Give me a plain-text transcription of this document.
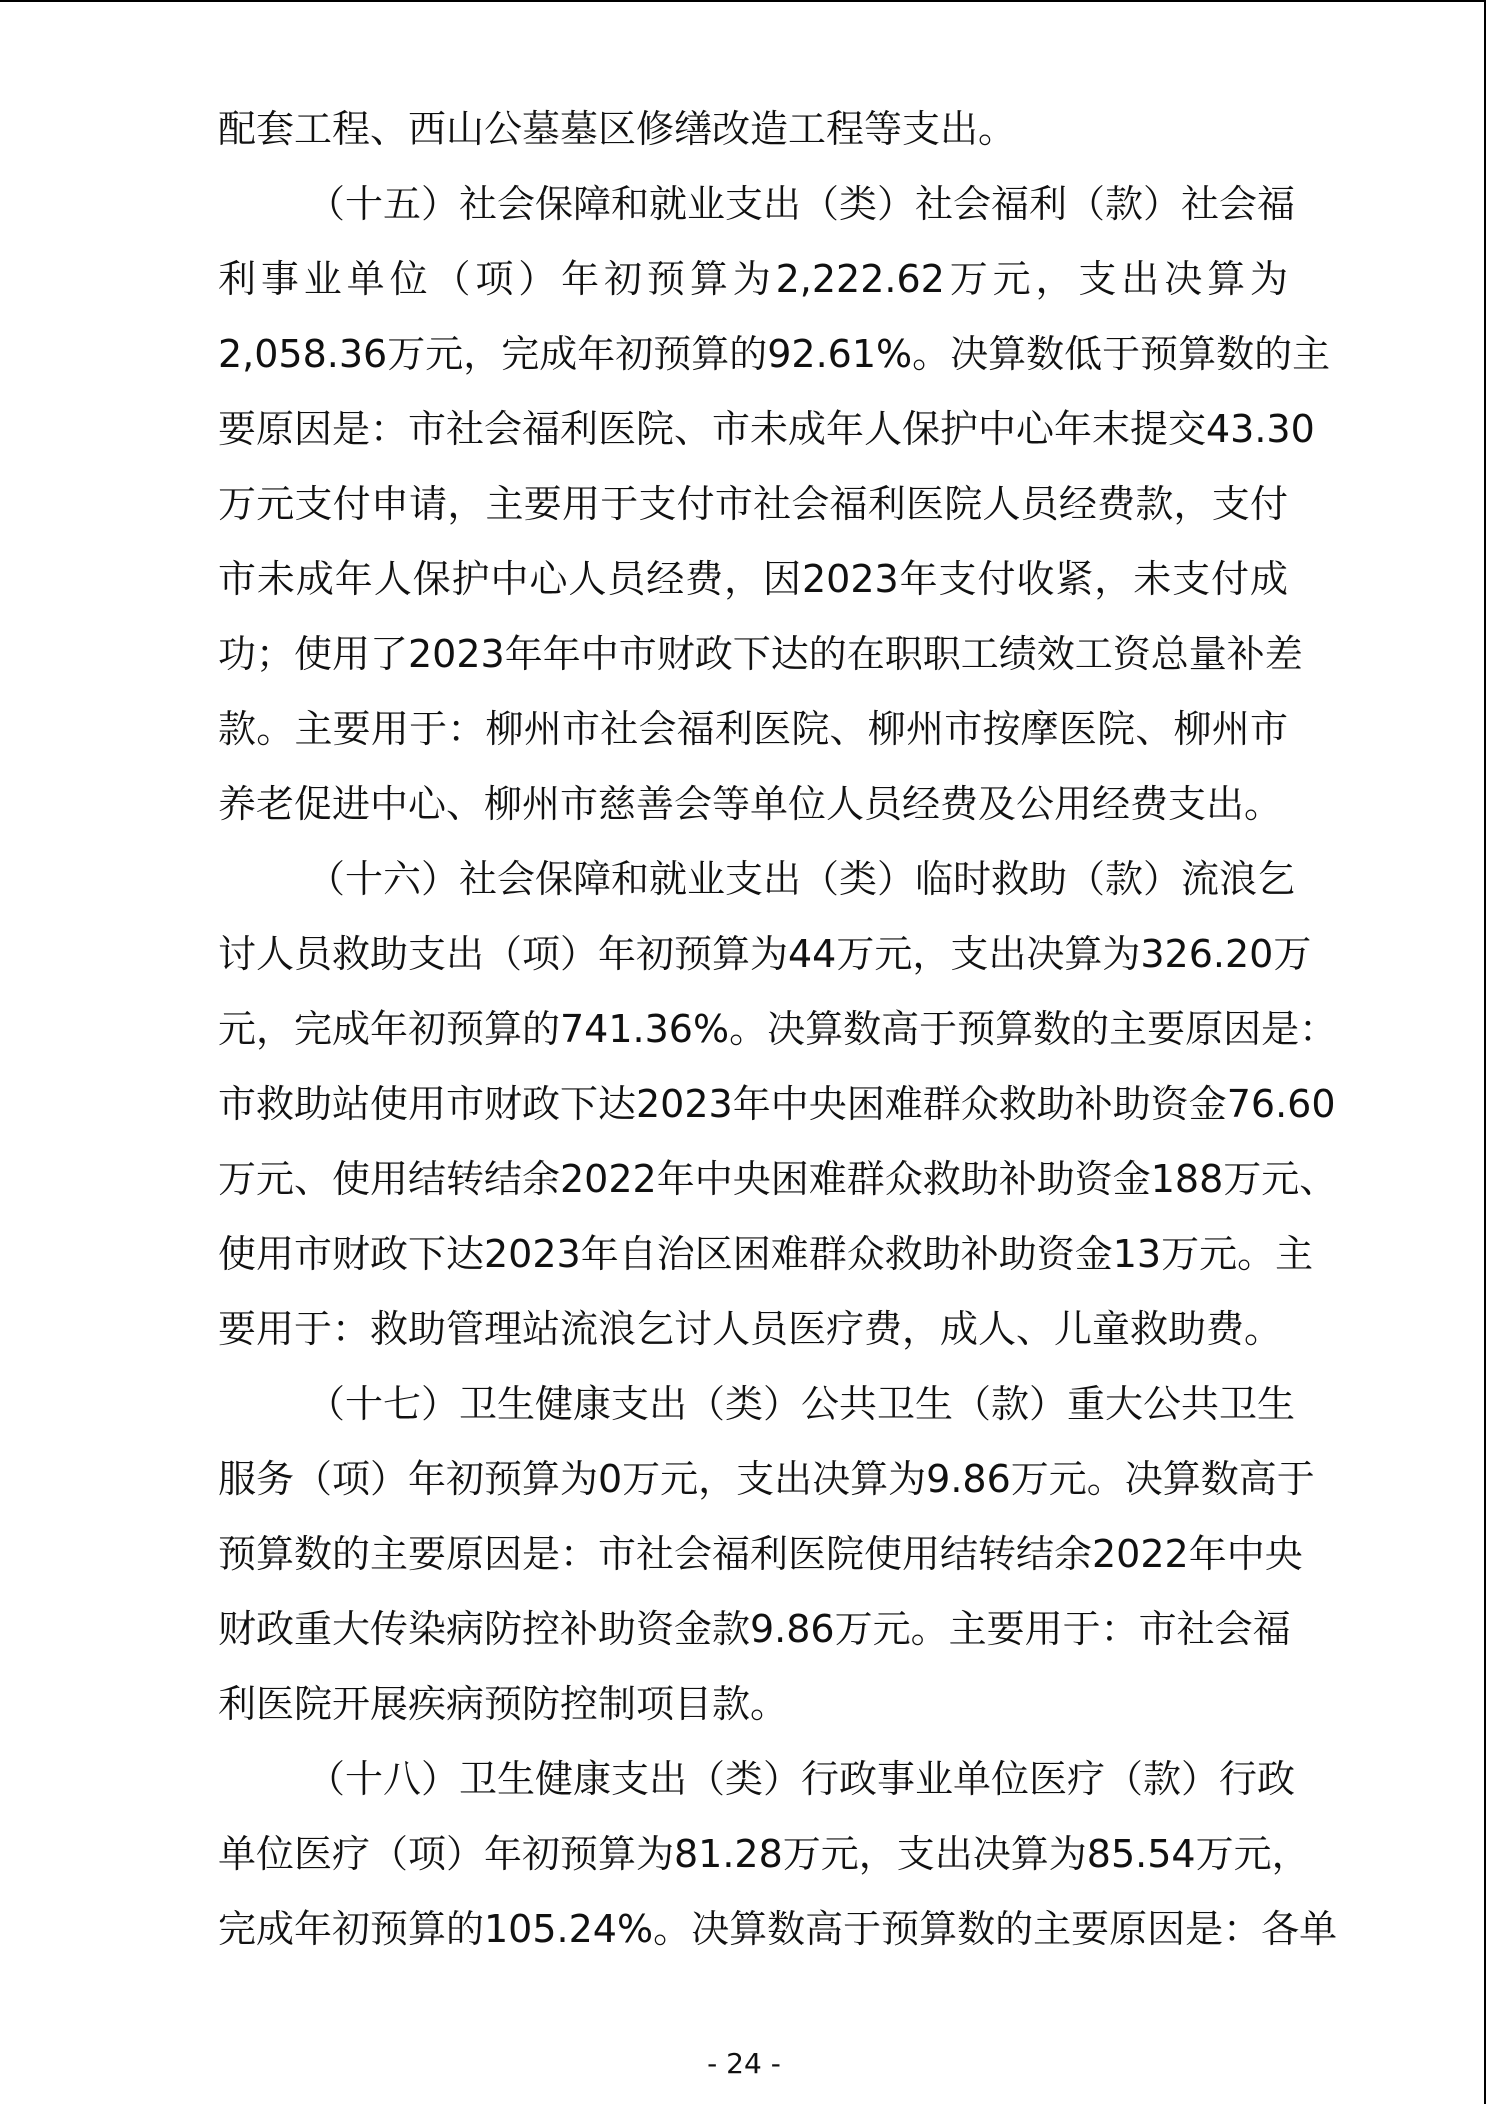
配套工程、西山公墓墓区修缮改造工程等支出。
（十五）社会保障和就业支出（类）社会福利（款）社会福
利事业单位（项）年初预算为2,222.62万元，支出决算为
2,058.36万元，完成年初预算的92.61%。决算数低于预算数的主
要原因是：市社会福利医院、市未成年人保护中心年末提交43.30
万元支付申请，主要用于支付市社会福利医院人员经费款，支付
市未成年人保护中心人员经费，因2023年支付收紧，未支付成
功；使用了2023年年中市财政下达的在职职工绩效工资总量补差
款。主要用于：柳州市社会福利医院、柳州市按摩医院、柳州市
养老促进中心、柳州市慈善会等单位人员经费及公用经费支出。
（十六）社会保障和就业支出（类）临时救助（款）流浪乞
讨人员救助支出（项）年初预算为44万元，支出决算为326.20万
元，完成年初预算的741.36%。决算数高于预算数的主要原因是：
市救助站使用市财政下达2023年中央困难群众救助补助资金76.60
万元、使用结转结余2022年中央困难群众救助补助资金188万元、
使用市财政下达2023年自治区困难群众救助补助资金13万元。主
要用于：救助管理站流浪乞讨人员医疗费，成人、儿童救助费。
（十七）卫生健康支出（类）公共卫生（款）重大公共卫生
服务（项）年初预算为0万元，支出决算为9.86万元。决算数高于
预算数的主要原因是：市社会福利医院使用结转结余2022年中央
财政重大传染病防控补助资金款9.86万元。主要用于：市社会福
利医院开展疾病预防控制项目款。
（十八）卫生健康支出（类）行政事业单位医疗（款）行政
单位医疗（项）年初预算为81.28万元，支出决算为85.54万元，
完成年初预算的105.24%。决算数高于预算数的主要原因是：各单
- 24 -
